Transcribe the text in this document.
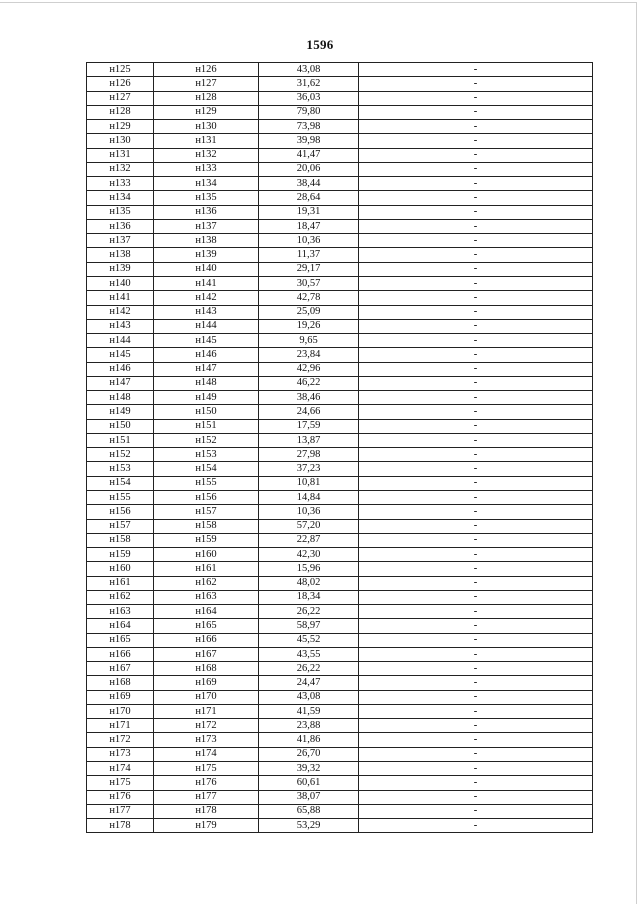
1596
н125	н126	43,08	-
н126	н127	31,62	-
н127	н128	36,03	-
н128	н129	79,80	-
н129	н130	73,98	-
н130	н131	39,98	-
н131	н132	41,47	-
н132	н133	20,06	-
н133	н134	38,44	-
н134	н135	28,64	-
н135	н136	19,31	-
н136	н137	18,47	-
н137	н138	10,36	-
н138	н139	11,37	-
н139	н140	29,17	-
н140	н141	30,57	-
н141	н142	42,78	-
н142	н143	25,09	-
н143	н144	19,26	-
н144	н145	9,65	-
н145	н146	23,84	-
н146	н147	42,96	-
н147	н148	46,22	-
н148	н149	38,46	-
н149	н150	24,66	-
н150	н151	17,59	-
н151	н152	13,87	-
н152	н153	27,98	-
н153	н154	37,23	-
н154	н155	10,81	-
н155	н156	14,84	-
н156	н157	10,36	-
н157	н158	57,20	-
н158	н159	22,87	-
н159	н160	42,30	-
н160	н161	15,96	-
н161	н162	48,02	-
н162	н163	18,34	-
н163	н164	26,22	-
н164	н165	58,97	-
н165	н166	45,52	-
н166	н167	43,55	-
н167	н168	26,22	-
н168	н169	24,47	-
н169	н170	43,08	-
н170	н171	41,59	-
н171	н172	23,88	-
н172	н173	41,86	-
н173	н174	26,70	-
н174	н175	39,32	-
н175	н176	60,61	-
н176	н177	38,07	-
н177	н178	65,88	-
н178	н179	53,29	-
